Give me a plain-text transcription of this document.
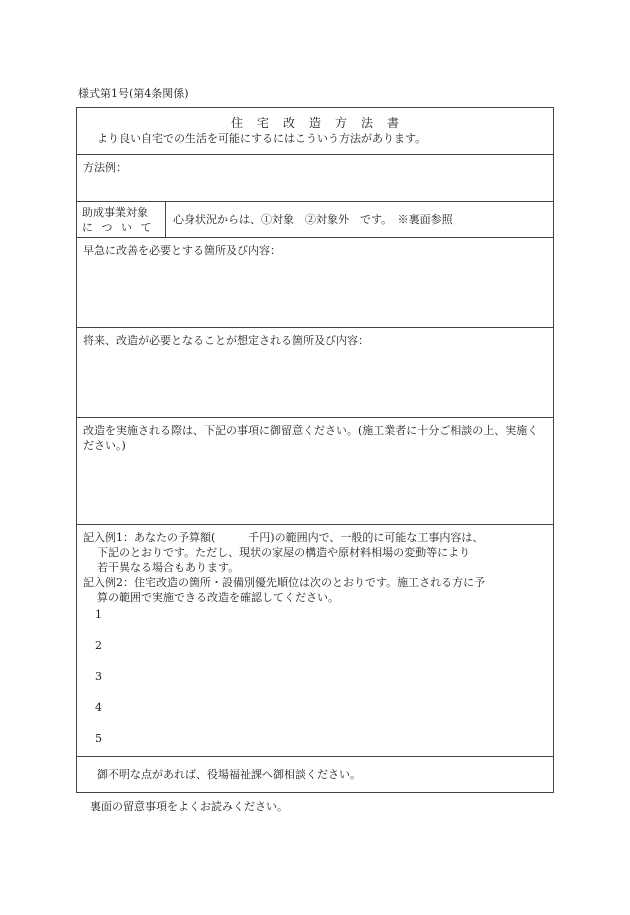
様式第1号(第4条関係)
住 宅 改 造 方 法 書
より良い自宅での生活を可能にするにはこういう方法があります。
方法例：
助成事業対象
に つ い て
心身状況からは、①対象　②対象外　です。　※裏面参照
早急に改善を必要とする箇所及び内容：
将来、改造が必要となることが想定される箇所及び内容：
改造を実施される際は、下記の事項に御留意ください。(施工業者に十分ご相談の上、実施ください。)
記入例1：あなたの予算額(　　　千円)の範囲内で、一般的に可能な工事内容は、
下記のとおりです。ただし、現状の家屋の構造や原材料相場の変動等により
若干異なる場合もあります。
記入例2：住宅改造の箇所・設備別優先順位は次のとおりです。施工される方に予
算の範囲で実施できる改造を確認してください。
1
2
3
4
5
御不明な点があれば、役場福祉課へ御相談ください。
裏面の留意事項をよくお読みください。
